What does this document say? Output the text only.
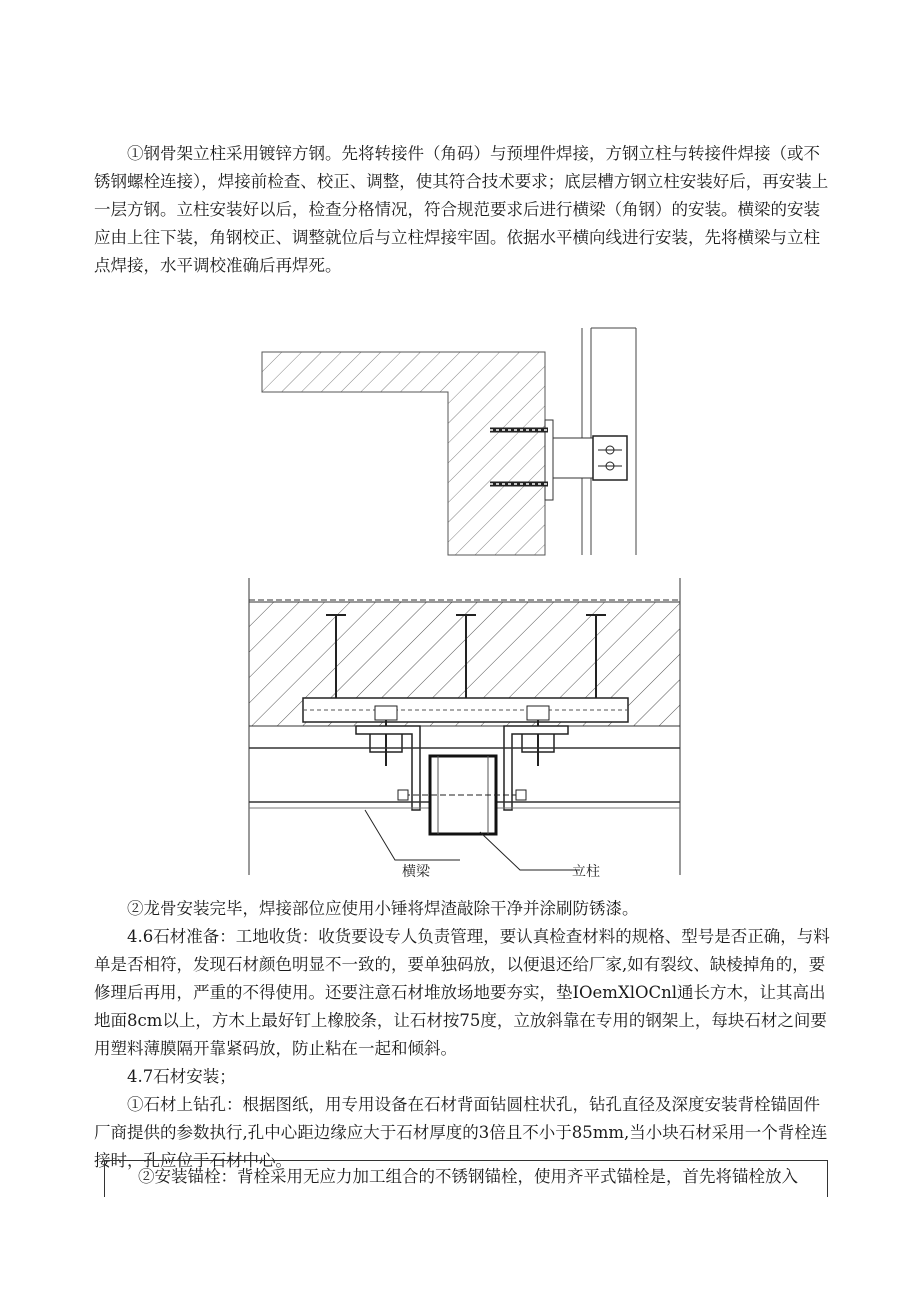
①钢骨架立柱采用镀锌方钢。先将转接件（角码）与预埋件焊接，方钢立柱与转接件焊接（或不锈钢螺栓连接），焊接前检查、校正、调整，使其符合技术要求；底层槽方钢立柱安装好后，再安装上一层方钢。立柱安装好以后，检查分格情况，符合规范要求后进行横梁（角钢）的安装。横梁的安装应由上往下装，角钢校正、调整就位后与立柱焊接牢固。依据水平横向线进行安装，先将横梁与立柱点焊接，水平调校准确后再焊死。

横梁	立柱
②龙骨安装完毕，焊接部位应使用小锤将焊渣敲除干净并涂刷防锈漆。
4.6石材准备：工地收货：收货要设专人负责管理，要认真检查材料的规格、型号是否正确，与料单是否相符，发现石材颜色明显不一致的，要单独码放，以便退还给厂家,如有裂纹、缺棱掉角的，要修理后再用，严重的不得使用。还要注意石材堆放场地要夯实，垫IOemXlOCnl通长方木，让其高出地面8cm以上，方木上最好钉上橡胶条，让石材按75度，立放斜靠在专用的钢架上，每块石材之间要用塑料薄膜隔开靠紧码放，防止粘在一起和倾斜。
4.7石材安装；
①石材上钻孔：根据图纸，用专用设备在石材背面钻圆柱状孔，钻孔直径及深度安装背栓锚固件厂商提供的参数执行,孔中心距边缘应大于石材厚度的3倍且不小于85mm,当小块石材采用一个背栓连接时，孔应位于石材中心。

②安装锚栓：背栓采用无应力加工组合的不锈钢锚栓，使用齐平式锚栓是，首先将锚栓放入
